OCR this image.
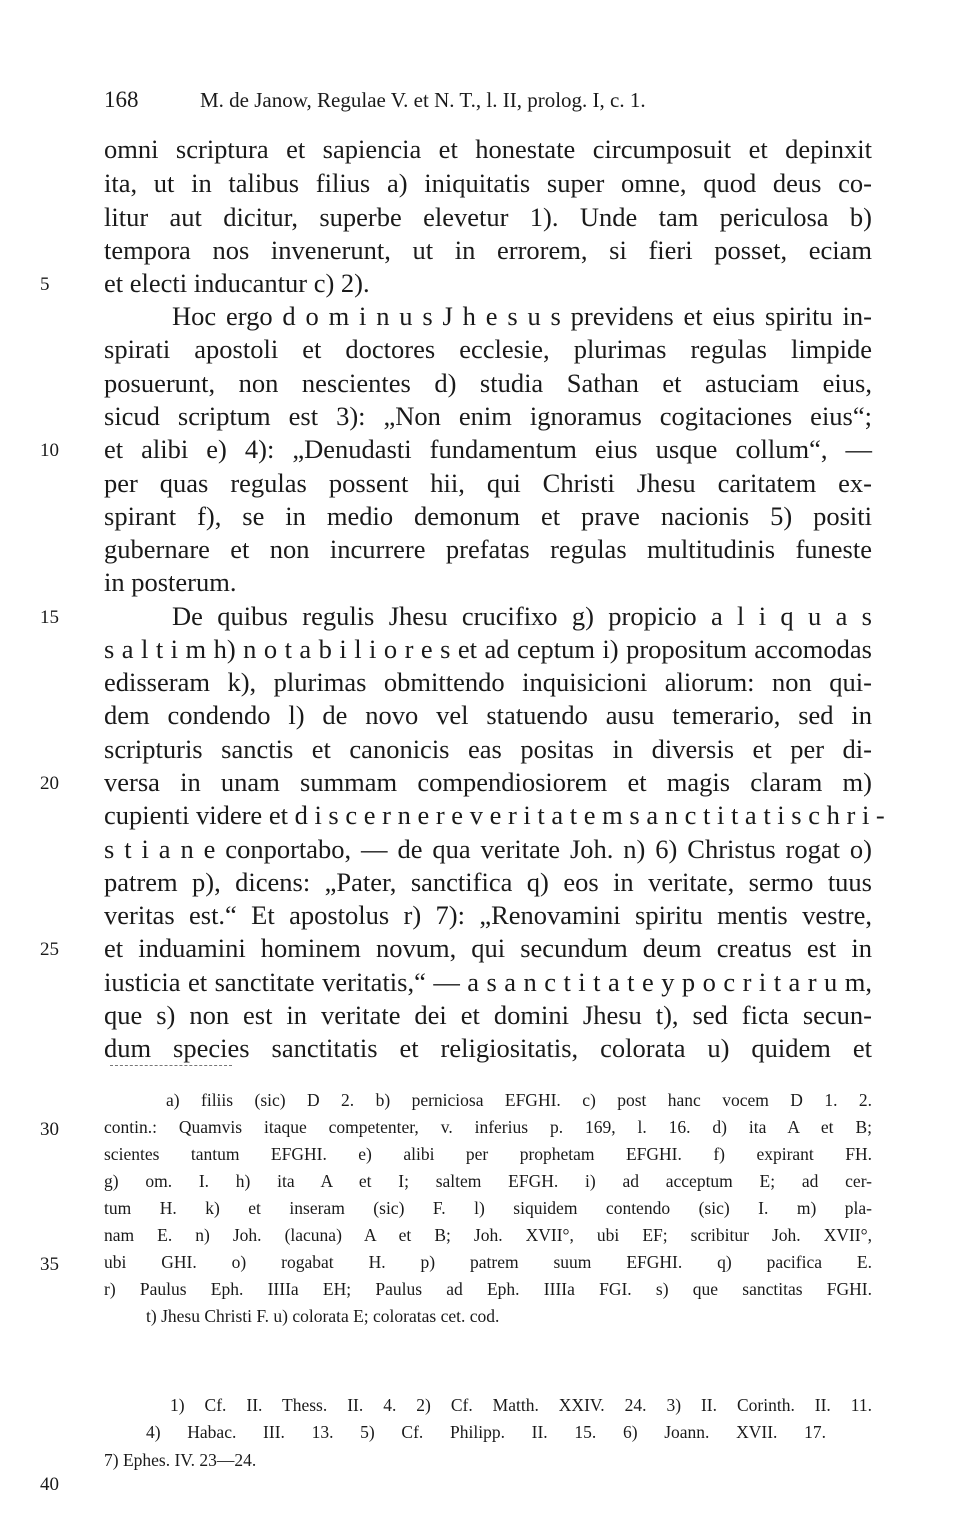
168	M. de Janow, Regulae V. et N. T., l. II, prolog. I, c. 1.
omni scriptura et sapiencia et honestate circumposuit et depinxit
ita, ut in talibus filius a) iniquitatis super omne, quod deus co-
litur aut dicitur, superbe elevetur 1). Unde tam periculosa b)
tempora nos invenerunt, ut in errorem, si fieri posset, eciam
et electi inducantur c) 2).
Hoc ergo d o m i n u s J h e s u s previdens et eius spiritu in-
spirati apostoli et doctores ecclesie, plurimas regulas limpide
posuerunt, non nescientes d) studia Sathan et astuciam eius,
sicud scriptum est 3): „Non enim ignoramus cogitaciones eius“;
et alibi e) 4): „Denudasti fundamentum eius usque collum“, —
per quas regulas possent hii, qui Christi Jhesu caritatem ex-
spirant f), se in medio demonum et prave nacionis 5) positi
gubernare et non incurrere prefatas regulas multitudinis funeste
in posterum.
De quibus regulis Jhesu crucifixo g) propicio a l i q u a s
s a l t i m h) n o t a b i l i o r e s et ad ceptum i) propositum accomodas
edisseram k), plurimas obmittendo inquisicioni aliorum: non qui-
dem condendo l) de novo vel statuendo ausu temerario, sed in
scripturis sanctis et canonicis eas positas in diversis et per di-
versa in unam summam compendiosiorem et magis claram m)
cupienti videre et d i s c e r n e r e v e r i t a t e m s a n c t i t a t i s c h r i -
s t i a n e conportabo, — de qua veritate Joh. n) 6) Christus rogat o)
patrem p), dicens: „Pater, sanctifica q) eos in veritate, sermo tuus
veritas est.“ Et apostolus r) 7): „Renovamini spiritu mentis vestre,
et induamini hominem novum, qui secundum deum creatus est in
iusticia et sanctitate veritatis,“ — a s a n c t i t a t e y p o c r i t a r u m,
que s) non est in veritate dei et domini Jhesu t), sed ficta secun-
dum species sanctitatis et religiositatis, colorata u) quidem et
5
10
15
20
25
30
35
40
a) filiis (sic) D 2. b) perniciosa EFGHI. c) post hanc vocem D 1. 2.
contin.: Quamvis itaque competenter, v. inferius p. 169, l. 16. d) ita A et B;
scientes tantum EFGHI. e) alibi per prophetam EFGHI. f) expirant FH.
g) om. I. h) ita A et I; saltem EFGH. i) ad acceptum E; ad cer-
tum H. k) et inseram (sic) F. l) siquidem contendo (sic) I. m) pla-
nam E. n) Joh. (lacuna) A et B; Joh. XVII°, ubi EF; scribitur Joh. XVII°,
ubi GHI. o) rogabat H. p) patrem suum EFGHI. q) pacifica E.
r) Paulus Eph. IIIIa EH; Paulus ad Eph. IIIIa FGI. s) que sanctitas FGHI.
t) Jhesu Christi F. u) colorata E; coloratas cet. cod.
1) Cf. II. Thess. II. 4. 2) Cf. Matth. XXIV. 24. 3) II. Corinth. II. 11.
4) Habac. III. 13. 5) Cf. Philipp. II. 15. 6) Joann. XVII. 17.
7) Ephes. IV. 23—24.
